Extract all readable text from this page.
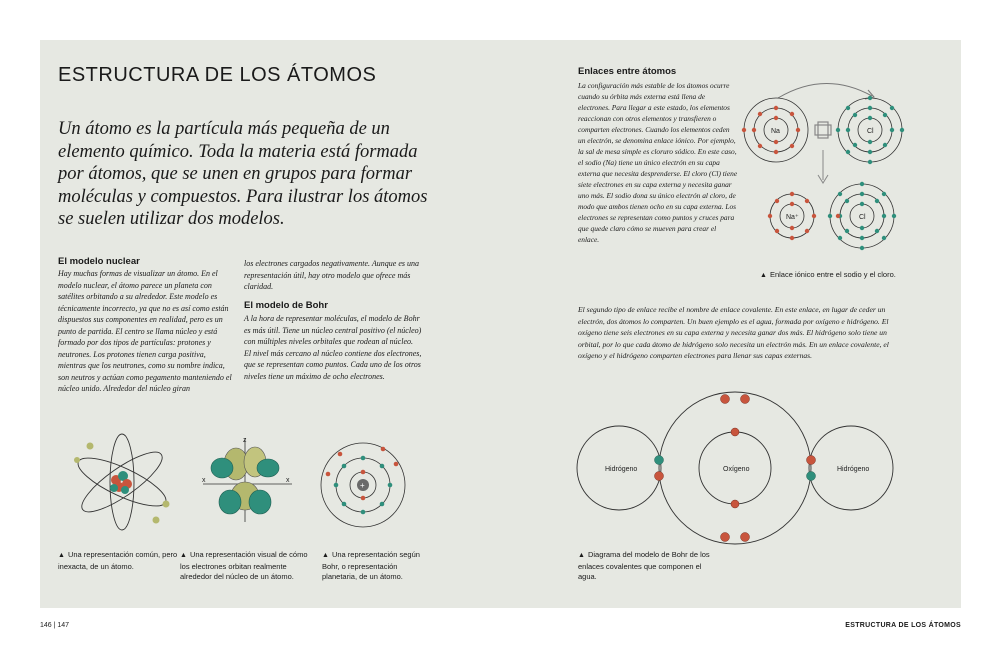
ESTRUCTURA DE LOS ÁTOMOS

Un átomo es la partícula más pequeña de un elemento químico. Toda la materia está formada por átomos, que se unen en grupos para formar moléculas y compuestos. Para ilustrar los átomos se suelen utilizar dos modelos.

El modelo nuclear

Hay muchas formas de visualizar un átomo. En el modelo nuclear, el átomo parece un planeta con satélites orbitando a su alrededor. Este modelo es técnicamente incorrecto, ya que no es así como están dispuestos sus componentes en realidad, pero es un punto de partida. El centro se llama núcleo y está formado por dos tipos de partículas: protones y neutrones. Los protones tienen carga positiva, mientras que los neutrones, como su nombre indica, son neutros y actúan como pegamento manteniendo el núcleo unido. Alrededor del núcleo giran

los electrones cargados negativamente. Aunque es una representación útil, hay otro modelo que ofrece más claridad.

El modelo de Bohr

A la hora de representar moléculas, el modelo de Bohr es más útil. Tiene un núcleo central positivo (el núcleo) con múltiples niveles orbitales que rodean al núcleo. El nivel más cercano al núcleo contiene dos electrones, que se representan como puntos. Cada uno de los otros niveles tiene un máximo de ocho electrones.

z
x
x
+

▲ Una representación común, pero inexacta, de un átomo.

▲ Una representación visual de cómo los electrones orbitan realmente alrededor del núcleo de un átomo.

▲ Una representación según Bohr, o representación planetaria, de un átomo.

Enlaces entre átomos

La configuración más estable de los átomos ocurre cuando su órbita más externa está llena de electrones. Para llegar a este estado, los elementos reaccionan con otros elementos y transfieren o comparten electrones. Cuando los elementos ceden un electrón, se denomina enlace iónico. Por ejemplo, la sal de mesa simple es cloruro sódico. En este caso, el sodio (Na) tiene un único electrón en su capa externa que necesita desprenderse. El cloro (Cl) tiene siete electrones en su capa externa y necesita ganar uno más. El sodio dona su único electrón al cloro, de modo que ambos tienen ocho en su capa externa. Los electrones se representan como puntos y cruces para que quede claro cómo se mueven para crear el enlace.

Na	Cl
Na⁺	Cl

▲ Enlace iónico entre el sodio y el cloro.

El segundo tipo de enlace recibe el nombre de enlace covalente. En este enlace, en lugar de ceder un electrón, dos átomos lo comparten. Un buen ejemplo es el agua, formada por oxígeno e hidrógeno. El oxígeno tiene seis electrones en su capa externa y necesita ganar dos más. El hidrógeno solo tiene un orbital, por lo que cada átomo de hidrógeno solo necesita un electrón más. En un enlace covalente, el oxígeno y el hidrógeno comparten electrones para llenar sus capas externas.

Hidrógeno	Oxígeno	Hidrógeno

▲ Diagrama del modelo de Bohr de los enlaces covalentes que componen el agua.

146 | 147	ESTRUCTURA DE LOS ÁTOMOS
